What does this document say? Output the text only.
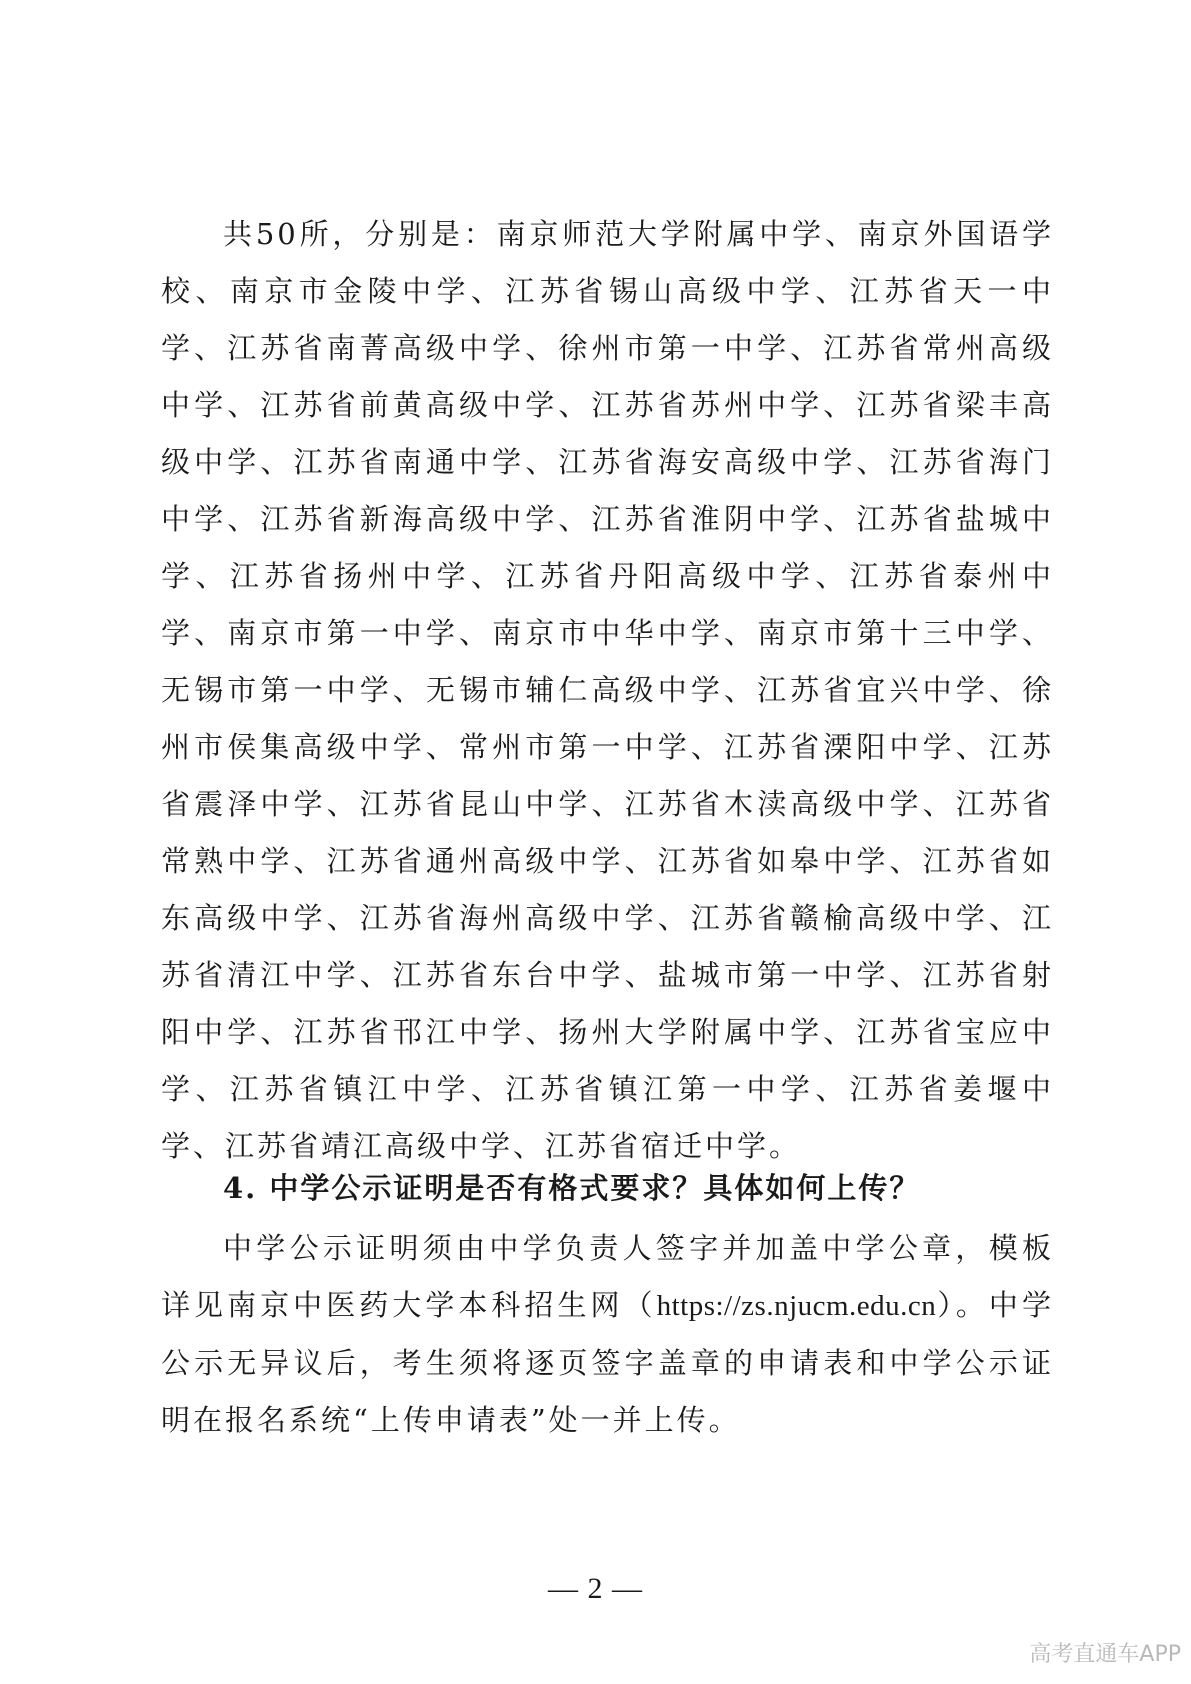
共50所，分别是：南京师范大学附属中学、南京外国语学校、南京市金陵中学、江苏省锡山高级中学、江苏省天一中学、江苏省南菁高级中学、徐州市第一中学、江苏省常州高级中学、江苏省前黄高级中学、江苏省苏州中学、江苏省梁丰高级中学、江苏省南通中学、江苏省海安高级中学、江苏省海门中学、江苏省新海高级中学、江苏省淮阴中学、江苏省盐城中学、江苏省扬州中学、江苏省丹阳高级中学、江苏省泰州中学、南京市第一中学、南京市中华中学、南京市第十三中学、无锡市第一中学、无锡市辅仁高级中学、江苏省宜兴中学、徐州市侯集高级中学、常州市第一中学、江苏省溧阳中学、江苏省震泽中学、江苏省昆山中学、江苏省木渎高级中学、江苏省常熟中学、江苏省通州高级中学、江苏省如皋中学、江苏省如东高级中学、江苏省海州高级中学、江苏省赣榆高级中学、江苏省清江中学、江苏省东台中学、盐城市第一中学、江苏省射阳中学、江苏省邗江中学、扬州大学附属中学、江苏省宝应中学、江苏省镇江中学、江苏省镇江第一中学、江苏省姜堰中学、江苏省靖江高级中学、江苏省宿迁中学。

4. 中学公示证明是否有格式要求？具体如何上传？

中学公示证明须由中学负责人签字并加盖中学公章，模板详见南京中医药大学本科招生网（https://zs.njucm.edu.cn）。中学公示无异议后，考生须将逐页签字盖章的申请表和中学公示证明在报名系统“上传申请表”处一并上传。

— 2 —
高考直通车APP
